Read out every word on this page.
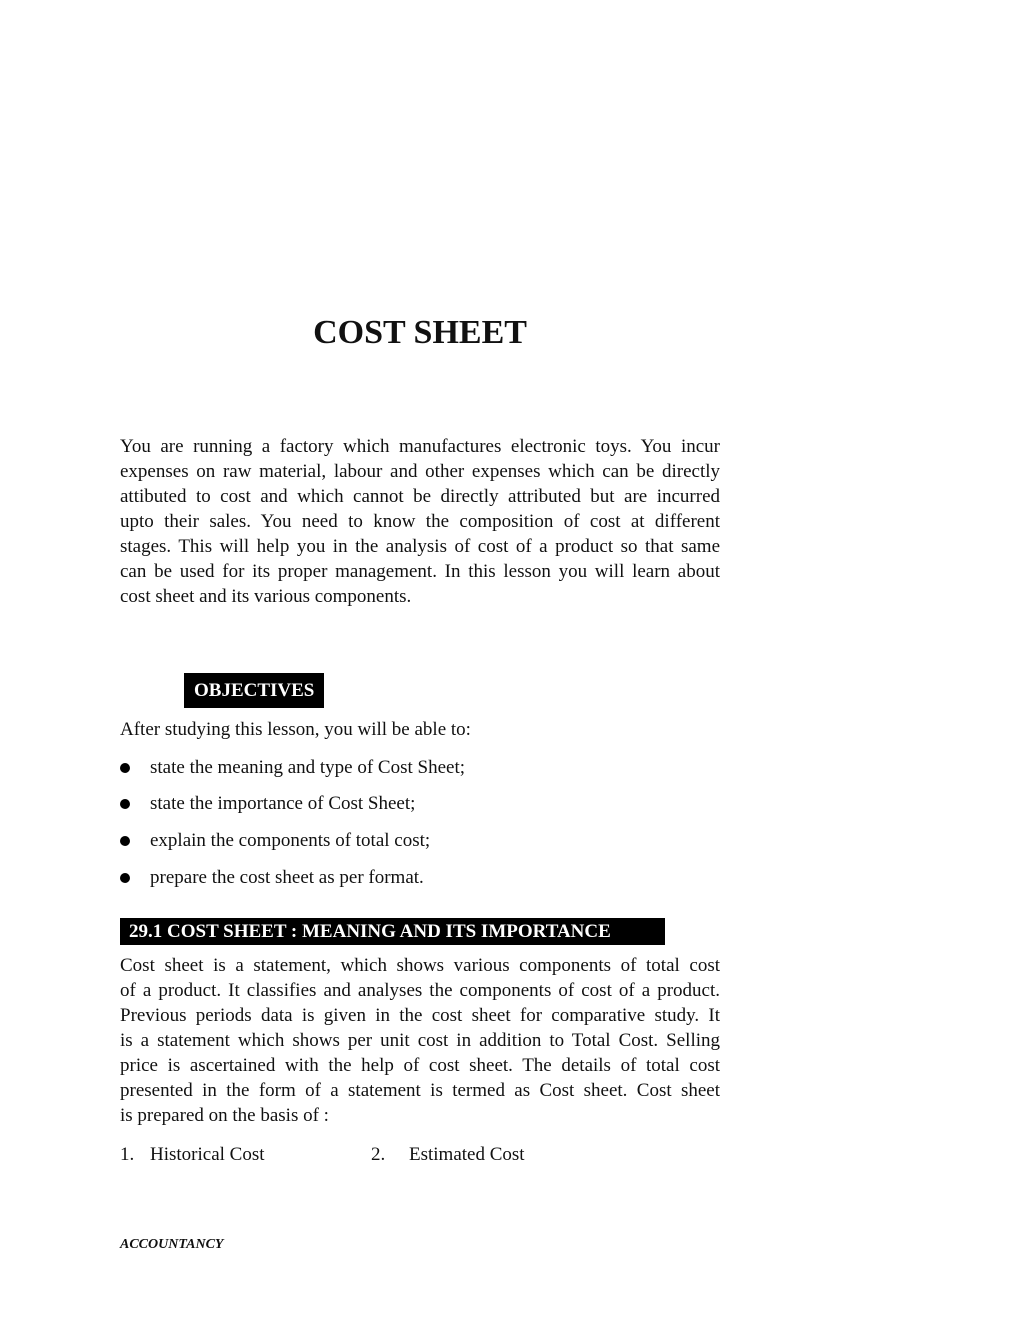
COST SHEET
You are running a factory which manufactures electronic toys. You incur
expenses on raw material, labour and other expenses which can be directly
attibuted to cost and which cannot be directly attributed but are incurred
upto their sales. You need to know the composition of cost at different
stages. This will help you in the analysis of cost of a product so that same
can be used for its proper management. In this lesson you will learn about
cost sheet and its various components.
OBJECTIVES
After studying this lesson, you will be able to:
state the meaning and type of Cost Sheet;
state the importance of Cost Sheet;
explain the components of total cost;
prepare the cost sheet as per format.
29.1 COST SHEET : MEANING AND ITS IMPORTANCE
Cost sheet is a statement, which shows various components of total cost
of a product. It classifies and analyses the components of cost of a product.
Previous periods data is given in the cost sheet for comparative study. It
is a statement which shows per unit cost in addition to Total Cost. Selling
price is ascertained with the help of cost sheet. The details of total cost
presented in the form of a statement is termed as Cost sheet. Cost sheet
is prepared on the basis of :
1. Historical Cost	2. Estimated Cost
ACCOUNTANCY
